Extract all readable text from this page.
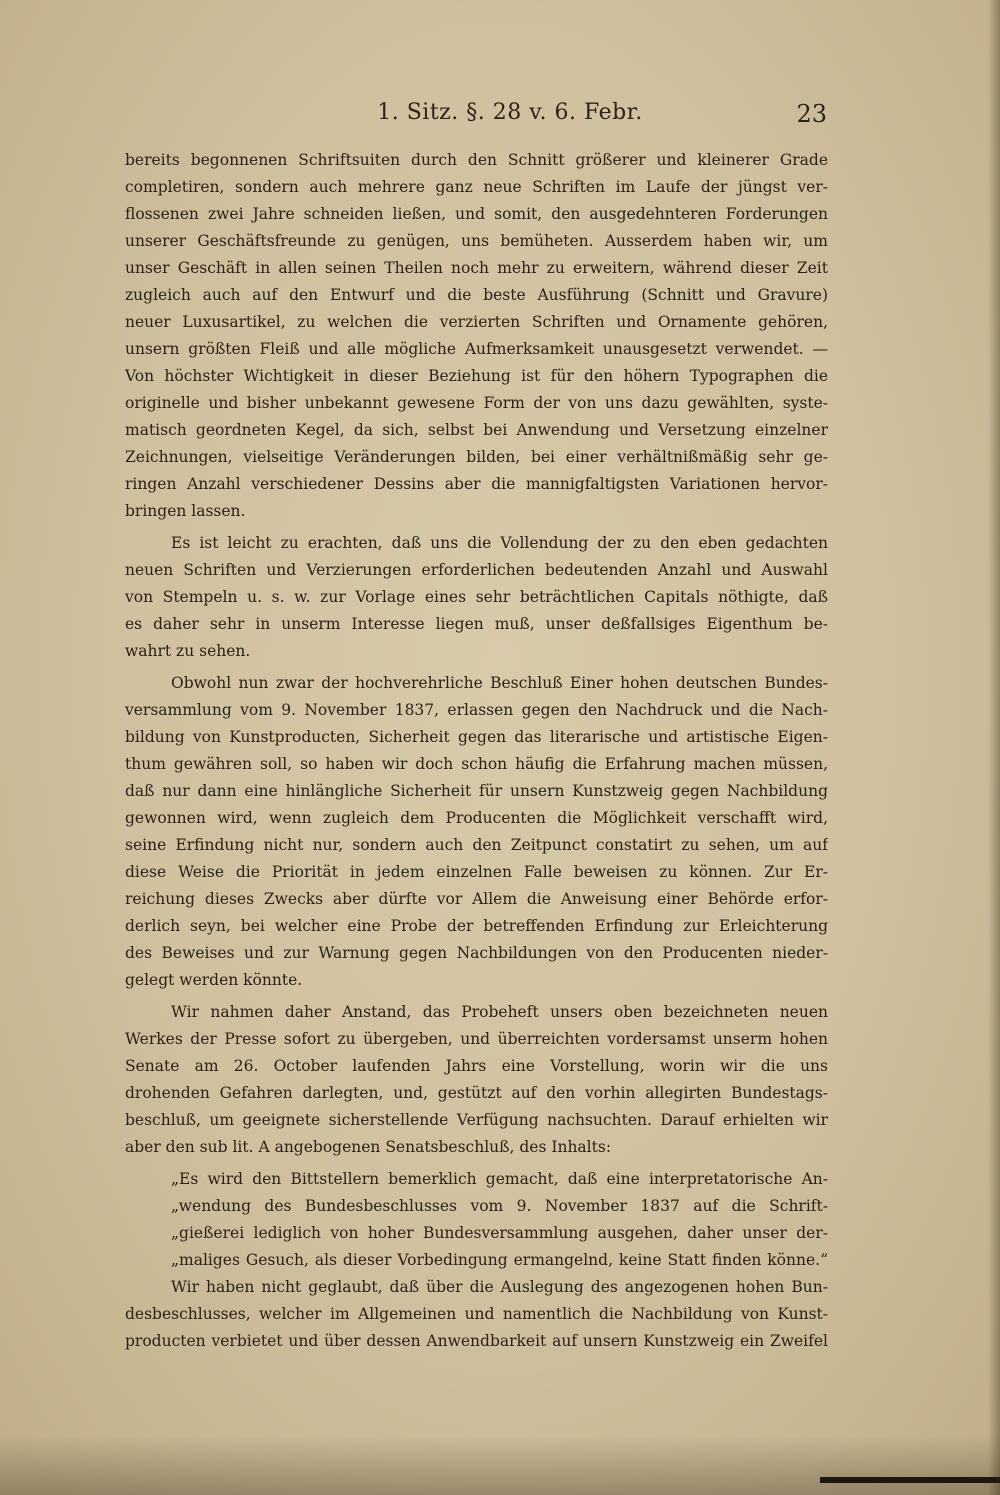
1. Sitz. §. 28 v. 6. Febr.	23
bereits begonnenen Schriftsuiten durch den Schnitt größerer und kleinerer Grade
completiren, sondern auch mehrere ganz neue Schriften im Laufe der jüngst ver-
flossenen zwei Jahre schneiden ließen, und somit, den ausgedehnteren Forderungen
unserer Geschäftsfreunde zu genügen, uns bemüheten. Ausserdem haben wir, um
unser Geschäft in allen seinen Theilen noch mehr zu erweitern, während dieser Zeit
zugleich auch auf den Entwurf und die beste Ausführung (Schnitt und Gravure)
neuer Luxusartikel, zu welchen die verzierten Schriften und Ornamente gehören,
unsern größten Fleiß und alle mögliche Aufmerksamkeit unausgesetzt verwendet. —
Von höchster Wichtigkeit in dieser Beziehung ist für den höhern Typographen die
originelle und bisher unbekannt gewesene Form der von uns dazu gewählten, syste-
matisch geordneten Kegel, da sich, selbst bei Anwendung und Versetzung einzelner
Zeichnungen, vielseitige Veränderungen bilden, bei einer verhältnißmäßig sehr ge-
ringen Anzahl verschiedener Dessins aber die mannigfaltigsten Variationen hervor-
bringen lassen.
Es ist leicht zu erachten, daß uns die Vollendung der zu den eben gedachten
neuen Schriften und Verzierungen erforderlichen bedeutenden Anzahl und Auswahl
von Stempeln u. s. w. zur Vorlage eines sehr beträchtlichen Capitals nöthigte, daß
es daher sehr in unserm Interesse liegen muß, unser deßfallsiges Eigenthum be-
wahrt zu sehen.
Obwohl nun zwar der hochverehrliche Beschluß Einer hohen deutschen Bundes-
versammlung vom 9. November 1837, erlassen gegen den Nachdruck und die Nach-
bildung von Kunstproducten, Sicherheit gegen das literarische und artistische Eigen-
thum gewähren soll, so haben wir doch schon häufig die Erfahrung machen müssen,
daß nur dann eine hinlängliche Sicherheit für unsern Kunstzweig gegen Nachbildung
gewonnen wird, wenn zugleich dem Producenten die Möglichkeit verschafft wird,
seine Erfindung nicht nur, sondern auch den Zeitpunct constatirt zu sehen, um auf
diese Weise die Priorität in jedem einzelnen Falle beweisen zu können. Zur Er-
reichung dieses Zwecks aber dürfte vor Allem die Anweisung einer Behörde erfor-
derlich seyn, bei welcher eine Probe der betreffenden Erfindung zur Erleichterung
des Beweises und zur Warnung gegen Nachbildungen von den Producenten nieder-
gelegt werden könnte.
Wir nahmen daher Anstand, das Probeheft unsers oben bezeichneten neuen
Werkes der Presse sofort zu übergeben, und überreichten vordersamst unserm hohen
Senate am 26. October laufenden Jahrs eine Vorstellung, worin wir die uns
drohenden Gefahren darlegten, und, gestützt auf den vorhin allegirten Bundestags-
beschluß, um geeignete sicherstellende Verfügung nachsuchten. Darauf erhielten wir
aber den sub lit. A angebogenen Senatsbeschluß, des Inhalts:
„Es wird den Bittstellern bemerklich gemacht, daß eine interpretatorische An-
„wendung des Bundesbeschlusses vom 9. November 1837 auf die Schrift-
„gießerei lediglich von hoher Bundesversammlung ausgehen, daher unser der-
„maliges Gesuch, als dieser Vorbedingung ermangelnd, keine Statt finden könne.“
Wir haben nicht geglaubt, daß über die Auslegung des angezogenen hohen Bun-
desbeschlusses, welcher im Allgemeinen und namentlich die Nachbildung von Kunst-
producten verbietet und über dessen Anwendbarkeit auf unsern Kunstzweig ein Zweifel
